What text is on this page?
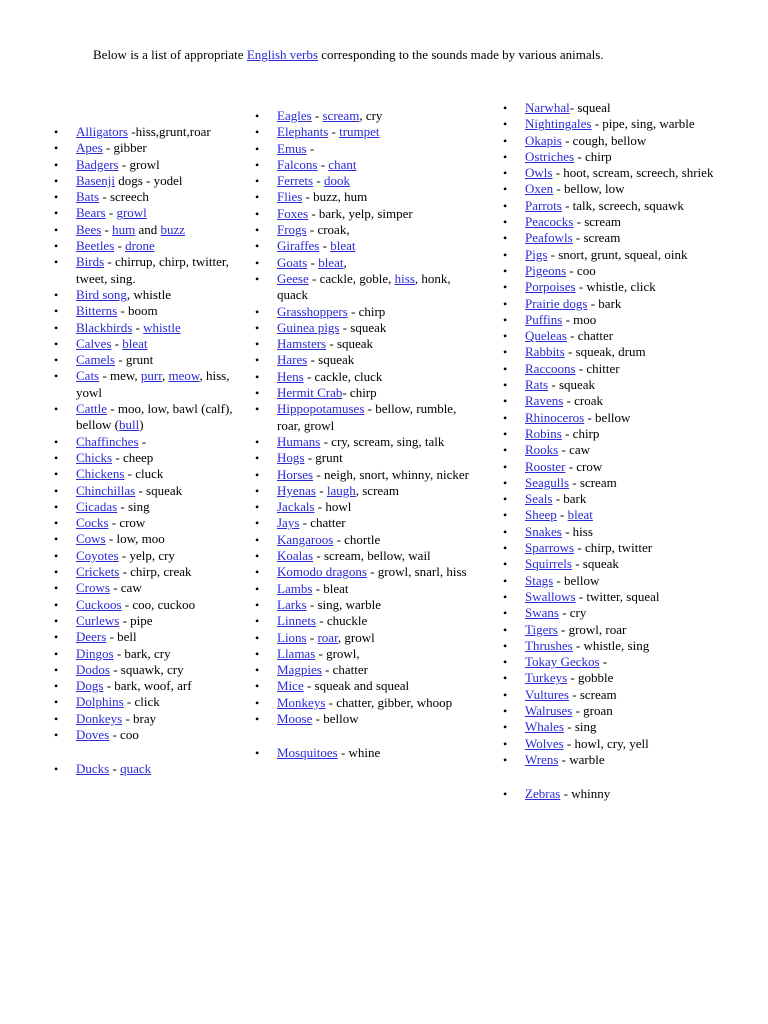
Below is a list of appropriate English verbs corresponding to the sounds made by various animals.
• Alligators -hiss,grunt,roar
• Apes - gibber
• Badgers - growl
• Basenji dogs - yodel
• Bats - screech
• Bears - growl
• Bees - hum and buzz
• Beetles - drone
• Birds - chirrup, chirp, twitter, tweet, sing.
• Bird song, whistle
• Bitterns - boom
• Blackbirds - whistle
• Calves - bleat
• Camels - grunt
• Cats - mew, purr, meow, hiss, yowl
• Cattle - moo, low, bawl (calf), bellow (bull)
• Chaffinches -
• Chicks - cheep
• Chickens - cluck
• Chinchillas - squeak
• Cicadas - sing
• Cocks - crow
• Cows - low, moo
• Coyotes - yelp, cry
• Crickets - chirp, creak
• Crows - caw
• Cuckoos - coo, cuckoo
• Curlews - pipe
• Deers - bell
• Dingos - bark, cry
• Dodos - squawk, cry
• Dogs - bark, woof, arf
• Dolphins - click
• Donkeys - bray
• Doves - coo
• Ducks - quack
• Eagles - scream, cry
• Elephants - trumpet
• Emus -
• Falcons - chant
• Ferrets - dook
• Flies - buzz, hum
• Foxes - bark, yelp, simper
• Frogs - croak,
• Giraffes - bleat
• Goats - bleat,
• Geese - cackle, goble, hiss, honk, quack
• Grasshoppers - chirp
• Guinea pigs - squeak
• Hamsters - squeak
• Hares - squeak
• Hens - cackle, cluck
• Hermit Crab- chirp
• Hippopotamuses - bellow, rumble, roar, growl
• Humans - cry, scream, sing, talk
• Hogs - grunt
• Horses - neigh, snort, whinny, nicker
• Hyenas - laugh, scream
• Jackals - howl
• Jays - chatter
• Kangaroos - chortle
• Koalas - scream, bellow, wail
• Komodo dragons - growl, snarl, hiss
• Lambs - bleat
• Larks - sing, warble
• Linnets - chuckle
• Lions - roar, growl
• Llamas - growl,
• Magpies - chatter
• Mice - squeak and squeal
• Monkeys - chatter, gibber, whoop
• Moose - bellow
• Mosquitoes - whine
• Narwhal- squeal
• Nightingales - pipe, sing, warble
• Okapis - cough, bellow
• Ostriches - chirp
• Owls - hoot, scream, screech, shriek
• Oxen - bellow, low
• Parrots - talk, screech, squawk
• Peacocks - scream
• Peafowls - scream
• Pigs - snort, grunt, squeal, oink
• Pigeons - coo
• Porpoises - whistle, click
• Prairie dogs - bark
• Puffins - moo
• Queleas - chatter
• Rabbits - squeak, drum
• Raccoons - chitter
• Rats - squeak
• Ravens - croak
• Rhinoceros - bellow
• Robins - chirp
• Rooks - caw
• Rooster - crow
• Seagulls - scream
• Seals - bark
• Sheep - bleat
• Snakes - hiss
• Sparrows - chirp, twitter
• Squirrels - squeak
• Stags - bellow
• Swallows - twitter, squeal
• Swans - cry
• Tigers - growl, roar
• Thrushes - whistle, sing
• Tokay Geckos -
• Turkeys - gobble
• Vultures - scream
• Walruses - groan
• Whales - sing
• Wolves - howl, cry, yell
• Wrens - warble
• Zebras - whinny
